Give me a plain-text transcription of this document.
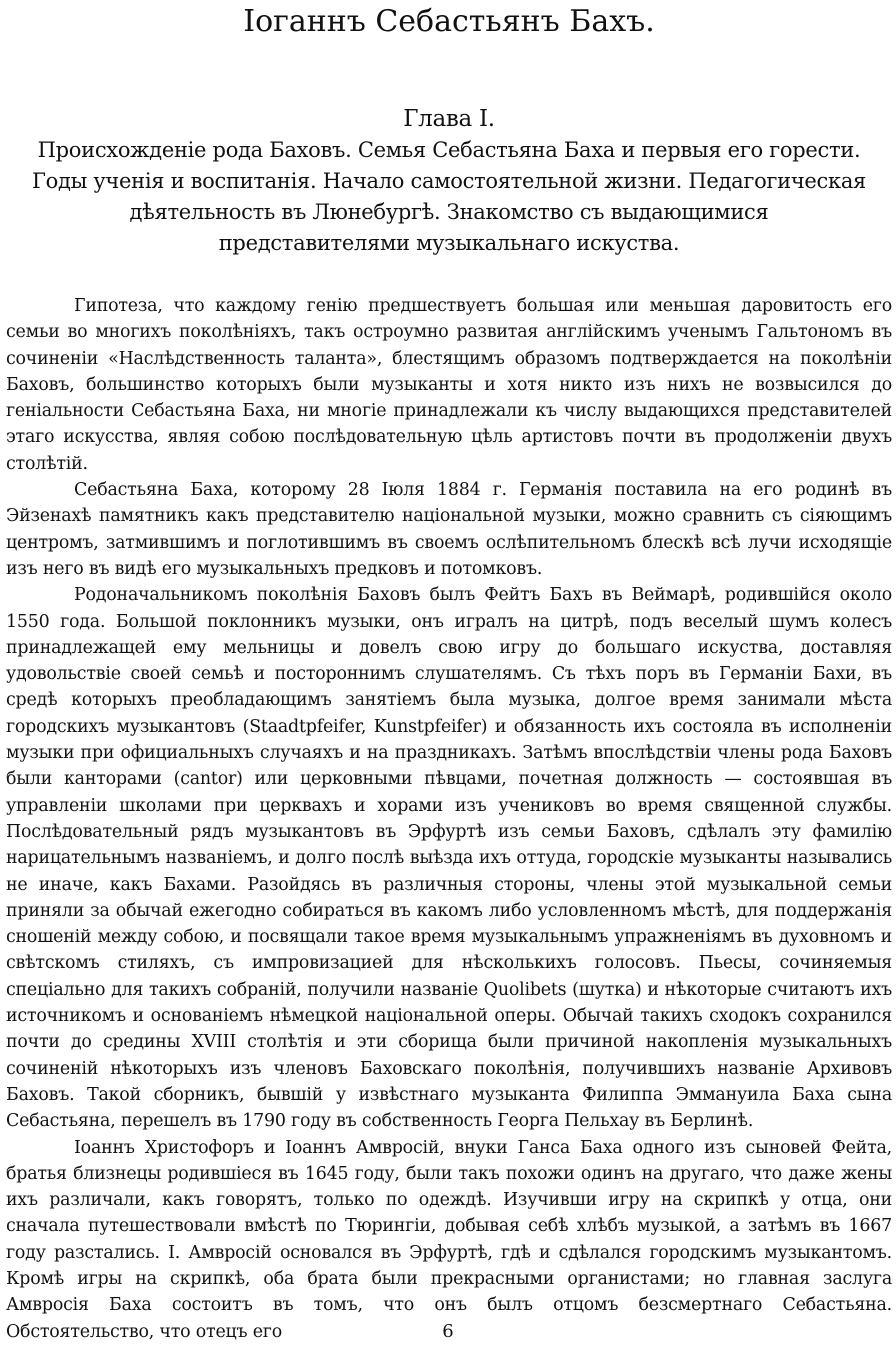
Iоганнъ Себастьянъ Бахъ.
Глава I.
Происхожденіе рода Баховъ. Семья Себастьяна Баха и первыя его горести.
Годы ученія и воспитанія. Начало самостоятельной жизни. Педагогическая
дѣятельность въ Люнебургѣ. Знакомство съ выдающимися
представителями музыкальнаго искуства.

Гипотеза, что каждому генію предшествуетъ большая или меньшая даровитость его семьи во многихъ поколѣніяхъ, такъ остроумно развитая англійскимъ ученымъ Гальтономъ въ сочиненіи «Наслѣдственность таланта», блестящимъ образомъ подтверждается на поколѣніи Баховъ, большинство которыхъ были музыканты и хотя никто изъ нихъ не возвысился до геніальности Себастьяна Баха, ни многіе принадлежали къ числу выдающихся представителей этаго искусства, являя собою послѣдовательную цѣль артистовъ почти въ продолженіи двухъ столѣтій.

Себастьяна Баха, которому 28 Іюля 1884 г. Германія поставила на его родинѣ въ Эйзенахѣ памятникъ какъ представителю національной музыки, можно сравнить съ сіяющимъ центромъ, затмившимъ и поглотившимъ въ своемъ ослѣпительномъ блескѣ всѣ лучи исходящіе изъ него въ видѣ его музыкальныхъ предковъ и потомковъ.

Родоначальникомъ поколѣнія Баховъ былъ Фейтъ Бахъ въ Веймарѣ, родившійся около 1550 года. Большой поклонникъ музыки, онъ игралъ на цитрѣ, подъ веселый шумъ колесъ принадлежащей ему мельницы и довелъ свою игру до большаго искуства, доставляя удовольствіе своей семьѣ и постороннимъ слушателямъ. Съ тѣхъ поръ въ Германіи Бахи, въ средѣ которыхъ преобладающимъ занятіемъ была музыка, долгое время занимали мѣста городскихъ музыкантовъ (Staadtpfeifer, Kunstpfeifer) и обязанность ихъ состояла въ исполненіи музыки при официальныхъ случаяхъ и на праздникахъ. Затѣмъ впослѣдствіи члены рода Баховъ были канторами (cantor) или церковными пѣвцами, почетная должность — состоявшая въ управленіи школами при церквахъ и хорами изъ учениковъ во время священной службы. Послѣдовательный рядъ музыкантовъ въ Эрфуртѣ изъ семьи Баховъ, сдѣлалъ эту фамилію нарицательнымъ названіемъ, и долго послѣ выѣзда ихъ оттуда, городскіе музыканты назывались не иначе, какъ Бахами. Разойдясь въ различныя стороны, члены этой музыкальной семьи приняли за обычай ежегодно собираться въ какомъ либо условленномъ мѣстѣ, для поддержанія сношеній между собою, и посвящали такое время музыкальнымъ упражненіямъ въ духовномъ и свѣтскомъ стиляхъ, съ импровизацией для нѣсколькихъ голосовъ. Пьесы, сочиняемыя спеціально для такихъ собраній, получили названіе Quolibets (шутка) и нѣкоторые считаютъ ихъ источникомъ и основаніемъ нѣмецкой національной оперы. Обычай такихъ сходокъ сохранился почти до средины XVIII столѣтія и эти сборища были причиной накопленія музыкальныхъ сочиненій нѣкоторыхъ изъ членовъ Баховскаго поколѣнія, получившихъ названіе Архивовъ Баховъ. Такой сборникъ, бывшій у извѣстнаго музыканта Филиппа Эммануила Баха сына Себастьяна, перешелъ въ 1790 году въ собственность Георга Пельхау въ Берлинѣ.

Іоаннъ Христофоръ и Іоаннъ Амвросій, внуки Ганса Баха одного изъ сыновей Фейта, братья близнецы родившіеся въ 1645 году, были такъ похожи одинъ на другаго, что даже жены ихъ различали, какъ говорятъ, только по одеждѣ. Изучивши игру на скрипкѣ у отца, они сначала путешествовали вмѣстѣ по Тюрингіи, добывая себѣ хлѣбъ музыкой, а затѣмъ въ 1667 году разстались. І. Амвросій основался въ Эрфуртѣ, гдѣ и сдѣлался городскимъ музыкантомъ. Кромѣ игры на скрипкѣ, оба брата были прекрасными органистами; но главная заслуга Амвросія Баха состоитъ въ томъ, что онъ былъ отцомъ безсмертнаго Себастьяна. Обстоятельство, что отецъ его	6
